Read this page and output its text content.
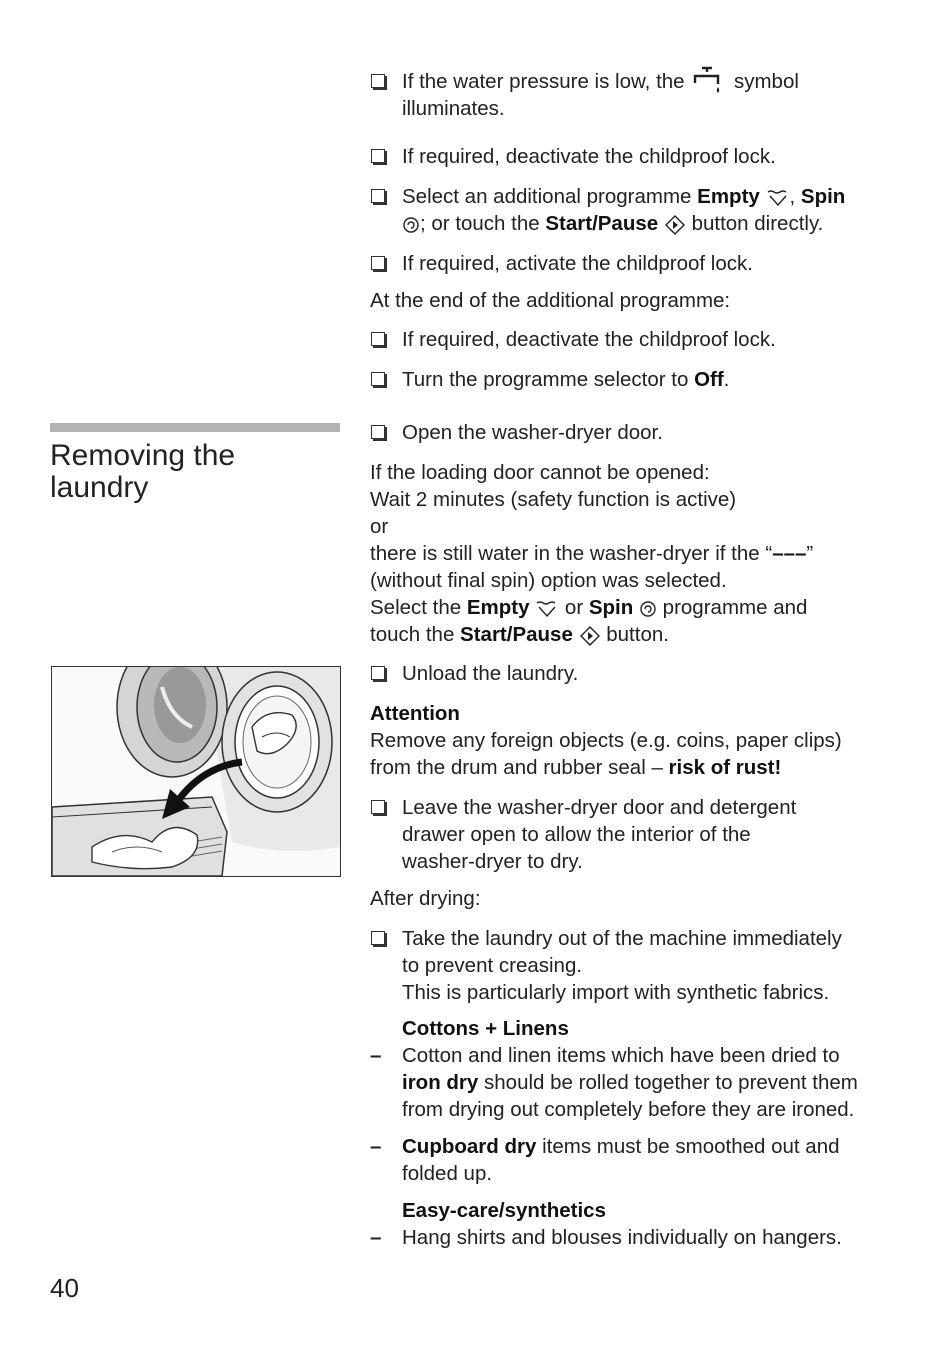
If the water pressure is low, the symbol
illuminates.
If required, deactivate the childproof lock.
Select an additional programme Empty , Spin
; or touch the Start/Pause  button directly.
If required, activate the childproof lock.
At the end of the additional programme:
If required, deactivate the childproof lock.
Turn the programme selector to Off.
Removing the laundry
Open the washer-dryer door.
If the loading door cannot be opened:
Wait 2 minutes (safety function is active)
or
there is still water in the washer-dryer if the “–––”
(without final spin) option was selected.
Select the Empty  or Spin  programme and
touch the Start/Pause  button.
Unload the laundry.
Attention
Remove any foreign objects (e.g. coins, paper clips)
from the drum and rubber seal – risk of rust!
Leave the washer-dryer door and detergent
drawer open to allow the interior of the
washer-dryer to dry.
After drying:
Take the laundry out of the machine immediately
to prevent creasing.
This is particularly import with synthetic fabrics.
Cottons + Linens
– Cotton and linen items which have been dried to
iron dry should be rolled together to prevent them
from drying out completely before they are ironed.
– Cupboard dry items must be smoothed out and
folded up.
Easy-care/synthetics
– Hang shirts and blouses individually on hangers.
40
